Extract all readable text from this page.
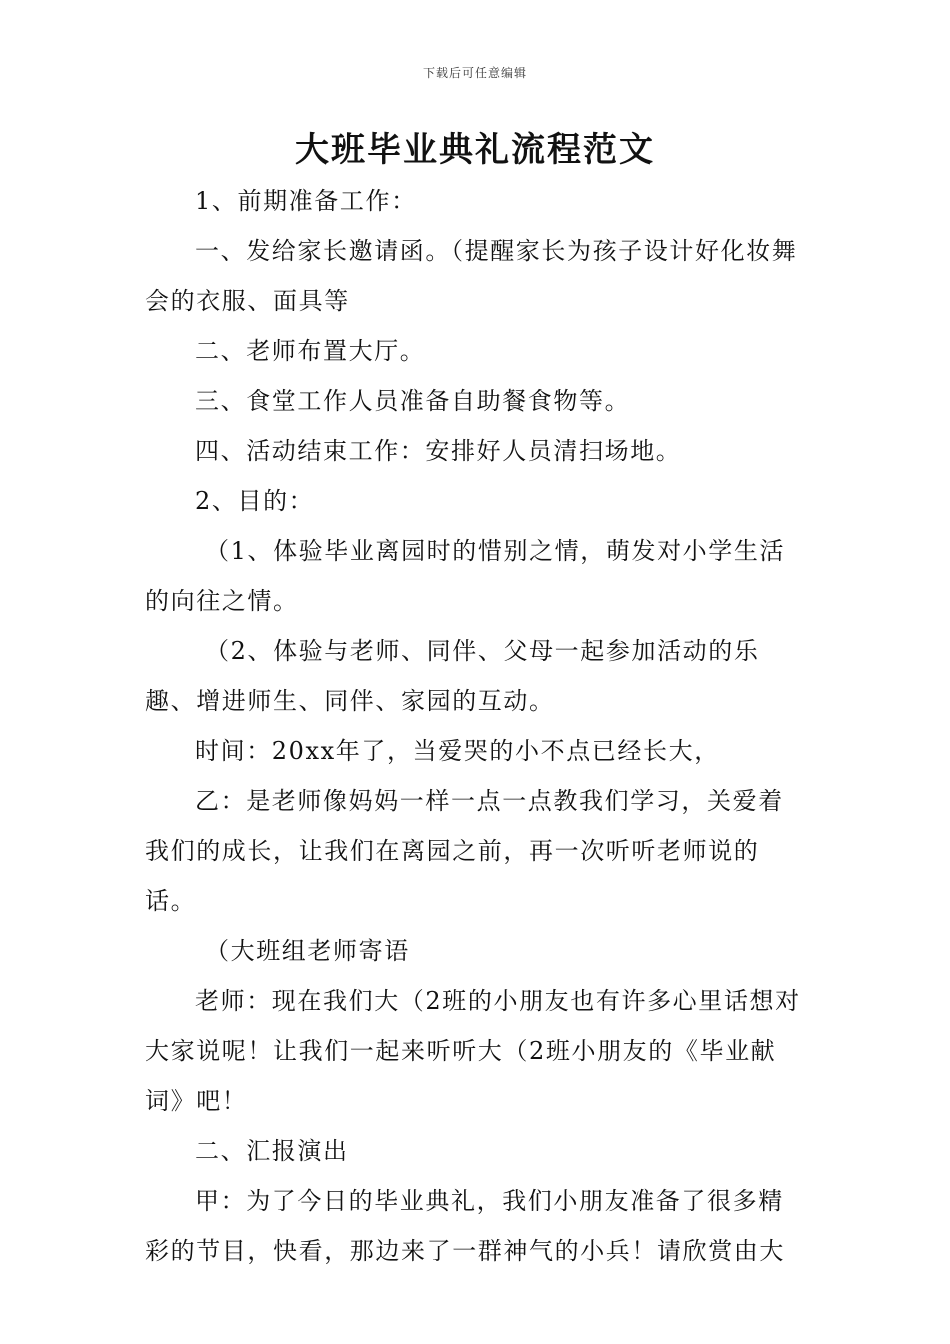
下载后可任意编辑
大班毕业典礼流程范文

1、前期准备工作：

一、发给家长邀请函。（提醒家长为孩子设计好化妆舞会的衣服、面具等

二、老师布置大厅。

三、食堂工作人员准备自助餐食物等。

四、活动结束工作：安排好人员清扫场地。

2、目的：

（1、体验毕业离园时的惜别之情，萌发对小学生活的向往之情。

（2、体验与老师、同伴、父母一起参加活动的乐趣、增进师生、同伴、家园的互动。

时间：20xx年了，当爱哭的小不点已经长大，

乙：是老师像妈妈一样一点一点教我们学习，关爱着我们的成长，让我们在离园之前，再一次听听老师说的话。

（大班组老师寄语

老师：现在我们大（2班的小朋友也有许多心里话想对大家说呢！让我们一起来听听大（2班小朋友的《毕业献词》吧！

二、汇报演出

甲：为了今日的毕业典礼，我们小朋友准备了很多精彩的节目，快看，那边来了一群神气的小兵！请欣赏由大
